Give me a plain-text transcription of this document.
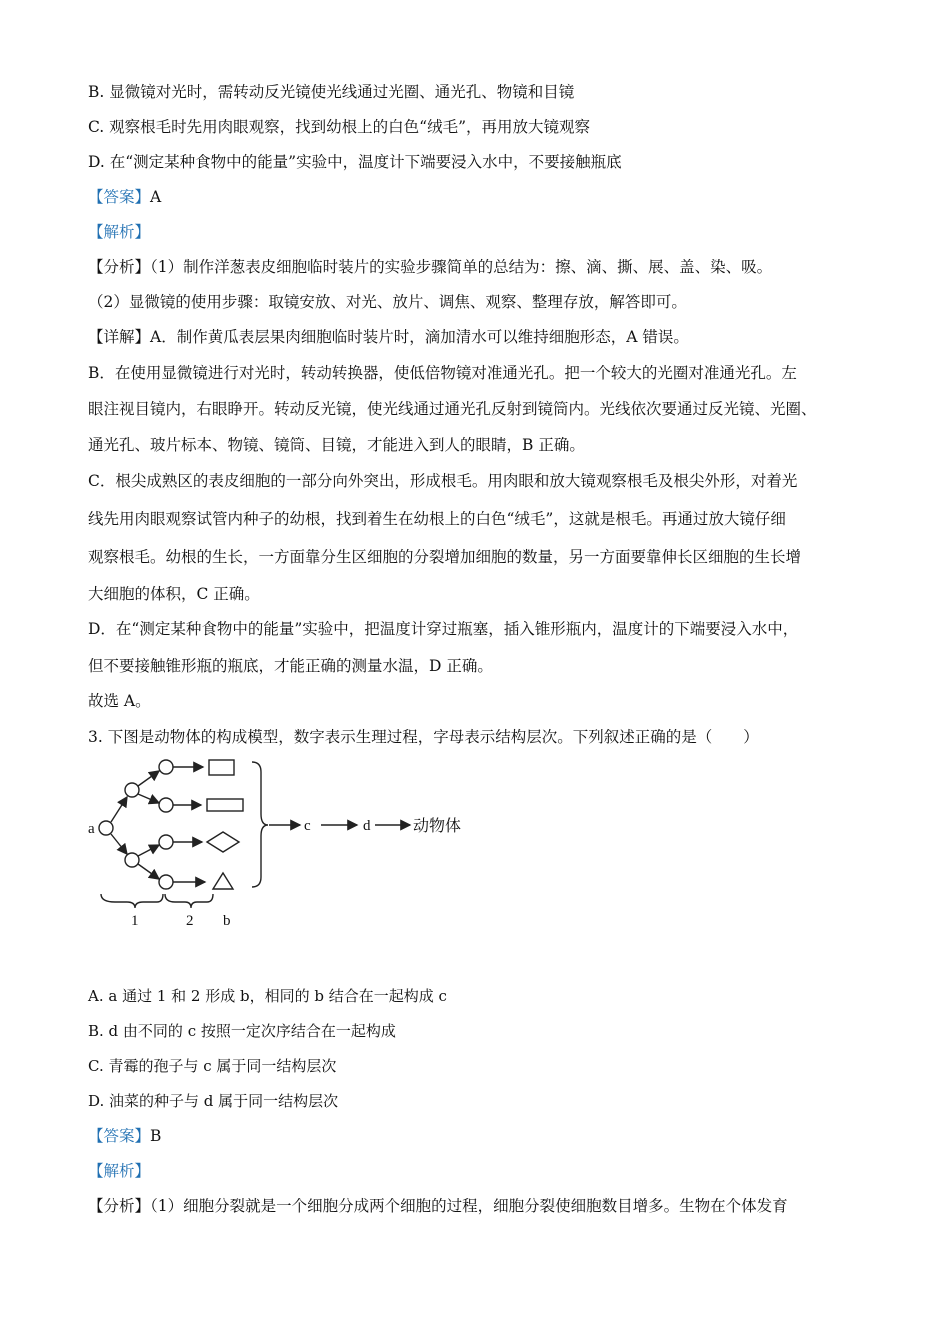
B. 显微镜对光时，需转动反光镜使光线通过光圈、通光孔、物镜和目镜
C. 观察根毛时先用肉眼观察，找到幼根上的白色“绒毛”，再用放大镜观察
D. 在“测定某种食物中的能量”实验中，温度计下端要浸入水中，不要接触瓶底
【答案】A
【解析】
【分析】（1）制作洋葱表皮细胞临时装片的实验步骤简单的总结为：擦、滴、撕、展、盖、染、吸。
（2）显微镜的使用步骤：取镜安放、对光、放片、调焦、观察、整理存放，解答即可。
【详解】A．制作黄瓜表层果肉细胞临时装片时，滴加清水可以维持细胞形态，A 错误。
B．在使用显微镜进行对光时，转动转换器，使低倍物镜对准通光孔。把一个较大的光圈对准通光孔。左
眼注视目镜内，右眼睁开。转动反光镜，使光线通过通光孔反射到镜筒内。光线依次要通过反光镜、光圈、
通光孔、玻片标本、物镜、镜筒、目镜，才能进入到人的眼睛，B 正确。
C．根尖成熟区的表皮细胞的一部分向外突出，形成根毛。用肉眼和放大镜观察根毛及根尖外形，对着光
线先用肉眼观察试管内种子的幼根，找到着生在幼根上的白色“绒毛”，这就是根毛。再通过放大镜仔细
观察根毛。幼根的生长，一方面靠分生区细胞的分裂增加细胞的数量，另一方面要靠伸长区细胞的生长增
大细胞的体积，C 正确。
D．在“测定某种食物中的能量”实验中，把温度计穿过瓶塞，插入锥形瓶内，温度计的下端要浸入水中，
但不要接触锥形瓶的瓶底，才能正确的测量水温，D 正确。
故选 A。
3. 下图是动物体的构成模型，数字表示生理过程，字母表示结构层次。下列叙述正确的是（　　）
a	c	d	动物体
1	2 b
A. a 通过 1 和 2 形成 b，相同的 b 结合在一起构成 c
B. d 由不同的 c 按照一定次序结合在一起构成
C. 青霉的孢子与 c 属于同一结构层次
D. 油菜的种子与 d 属于同一结构层次
【答案】B
【解析】
【分析】（1）细胞分裂就是一个细胞分成两个细胞的过程，细胞分裂使细胞数目增多。生物在个体发育
